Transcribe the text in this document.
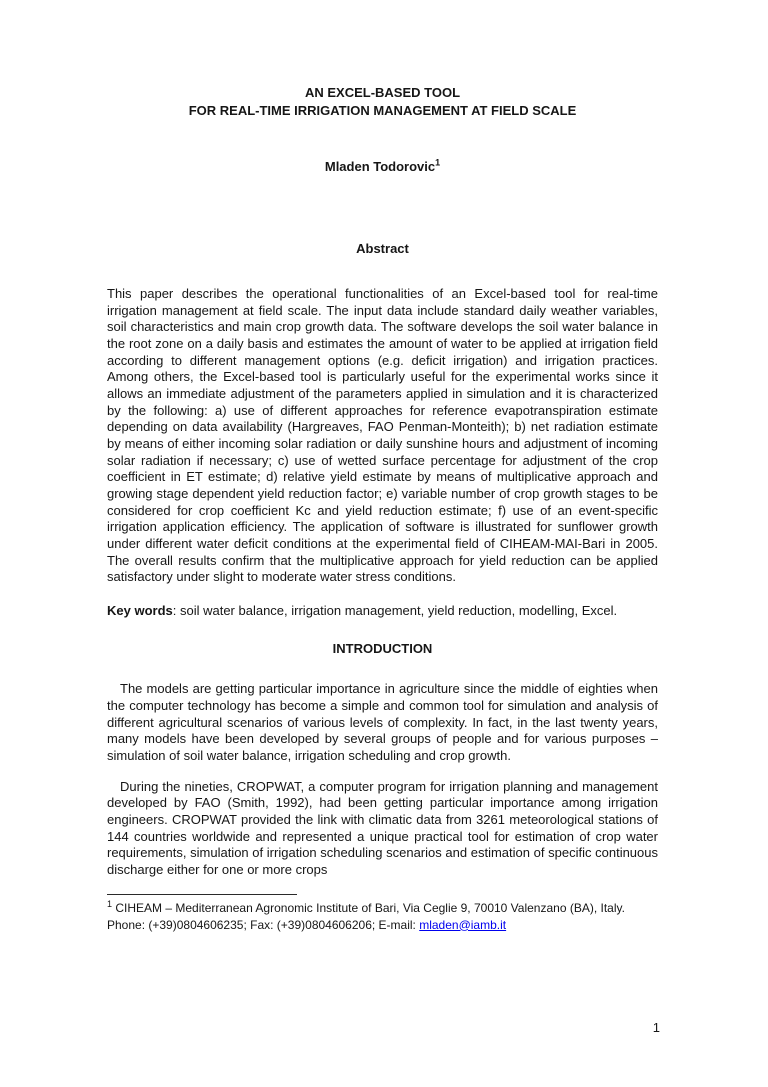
AN EXCEL-BASED TOOL
FOR REAL-TIME IRRIGATION MANAGEMENT AT FIELD SCALE
Mladen Todorovic$^1$
Abstract

This paper describes the operational functionalities of an Excel-based tool for real-time irrigation management at field scale. The input data include standard daily weather variables, soil characteristics and main crop growth data. The software develops the soil water balance in the root zone on a daily basis and estimates the amount of water to be applied at irrigation field according to different management options (e.g. deficit irrigation) and irrigation practices. Among others, the Excel-based tool is particularly useful for the experimental works since it allows an immediate adjustment of the parameters applied in simulation and it is characterized by the following: a) use of different approaches for reference evapotranspiration estimate depending on data availability (Hargreaves, FAO Penman-Monteith); b) net radiation estimate by means of either incoming solar radiation or daily sunshine hours and adjustment of incoming solar radiation if necessary; c) use of wetted surface percentage for adjustment of the crop coefficient in ET estimate; d) relative yield estimate by means of multiplicative approach and growing stage dependent yield reduction factor; e) variable number of crop growth stages to be considered for crop coefficient Kc and yield reduction estimate; f) use of an event-specific irrigation application efficiency. The application of software is illustrated for sunflower growth under different water deficit conditions at the experimental field of CIHEAM-MAI-Bari in 2005. The overall results confirm that the multiplicative approach for yield reduction can be applied satisfactory under slight to moderate water stress conditions.

Key words: soil water balance, irrigation management, yield reduction, modelling, Excel.

INTRODUCTION

The models are getting particular importance in agriculture since the middle of eighties when the computer technology has become a simple and common tool for simulation and analysis of different agricultural scenarios of various levels of complexity. In fact, in the last twenty years, many models have been developed by several groups of people and for various purposes – simulation of soil water balance, irrigation scheduling and crop growth.

During the nineties, CROPWAT, a computer program for irrigation planning and management developed by FAO (Smith, 1992), had been getting particular importance among irrigation engineers. CROPWAT provided the link with climatic data from 3261 meteorological stations of 144 countries worldwide and represented a unique practical tool for estimation of crop water requirements, simulation of irrigation scheduling scenarios and estimation of specific continuous discharge either for one or more crops

$^1$ CIHEAM – Mediterranean Agronomic Institute of Bari, Via Ceglie 9, 70010 Valenzano (BA), Italy. Phone: (+39)0804606235; Fax: (+39)0804606206; E-mail: mladen@iamb.it
1
